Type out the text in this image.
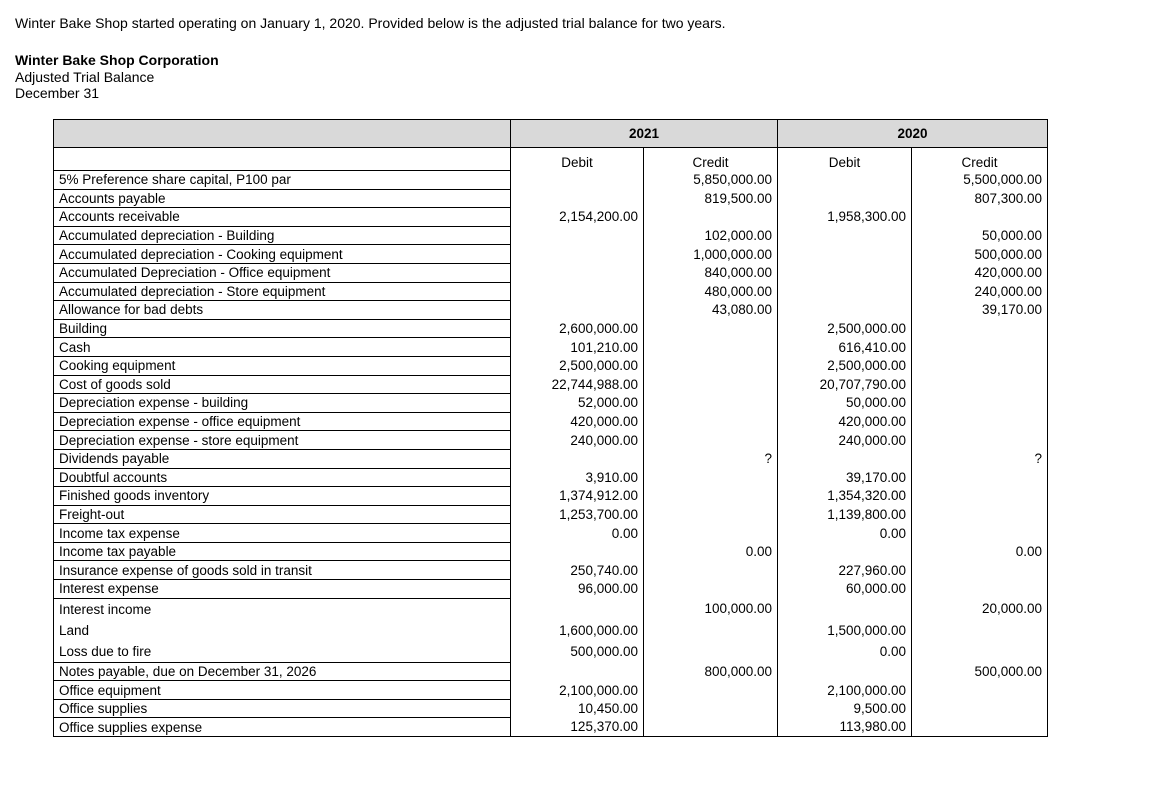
Winter Bake Shop started operating on January 1, 2020. Provided below is the adjusted trial balance for two years.
Winter Bake Shop Corporation
Adjusted Trial Balance
December 31
	2021		2020	
	Debit	Credit	Debit	Credit
5% Preference share capital, P100 par		5,850,000.00		5,500,000.00
Accounts payable		819,500.00		807,300.00
Accounts receivable	2,154,200.00		1,958,300.00	
Accumulated depreciation - Building		102,000.00		50,000.00
Accumulated depreciation - Cooking equipment		1,000,000.00		500,000.00
Accumulated Depreciation - Office equipment		840,000.00		420,000.00
Accumulated depreciation - Store equipment		480,000.00		240,000.00
Allowance for bad debts		43,080.00		39,170.00
Building	2,600,000.00		2,500,000.00	
Cash	101,210.00		616,410.00	
Cooking equipment	2,500,000.00		2,500,000.00	
Cost of goods sold	22,744,988.00		20,707,790.00	
Depreciation expense - building	52,000.00		50,000.00	
Depreciation expense - office equipment	420,000.00		420,000.00	
Depreciation expense - store equipment	240,000.00		240,000.00	
Dividends payable		?		?
Doubtful accounts	3,910.00		39,170.00	
Finished goods inventory	1,374,912.00		1,354,320.00	
Freight-out	1,253,700.00		1,139,800.00	
Income tax expense	0.00		0.00	
Income tax payable		0.00		0.00
Insurance expense of goods sold in transit	250,740.00		227,960.00	
Interest expense	96,000.00		60,000.00	
Interest income		100,000.00		20,000.00
Land	1,600,000.00		1,500,000.00	
Loss due to fire	500,000.00		0.00	
Notes payable, due on December 31, 2026		800,000.00		500,000.00
Office equipment	2,100,000.00		2,100,000.00	
Office supplies	10,450.00		9,500.00	
Office supplies expense	125,370.00		113,980.00	
